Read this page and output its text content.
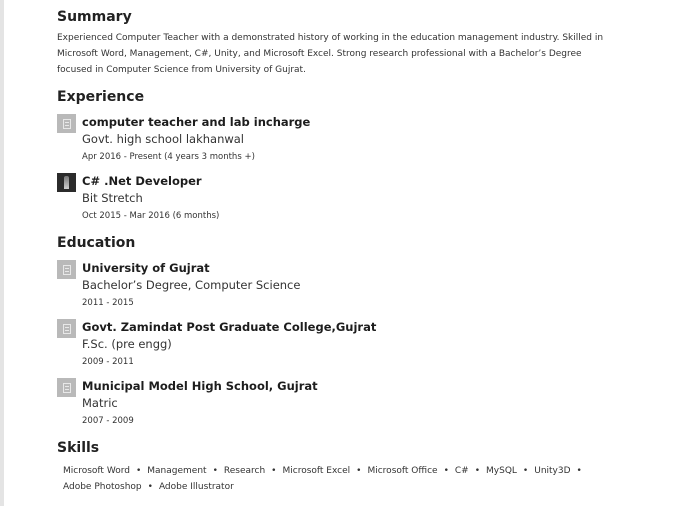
Summary

Experienced Computer Teacher with a demonstrated history of working in the education management industry. Skilled in Microsoft Word, Management, C#, Unity, and Microsoft Excel. Strong research professional with a Bachelor’s Degree focused in Computer Science from University of Gujrat.

Experience
computer teacher and lab incharge
Govt. high school lakhanwal
Apr 2016 - Present (4 years 3 months +)
C# .Net Developer
Bit Stretch
Oct 2015 - Mar 2016 (6 months)
Education
University of Gujrat
Bachelor’s Degree, Computer Science
2011 - 2015
Govt. Zamindat Post Graduate College,Gujrat
F.Sc. (pre engg)
2009 - 2011
Municipal Model High School, Gujrat
Matric
2007 - 2009
Skills
Microsoft Word • Management • Research • Microsoft Excel • Microsoft Office • C# • MySQL • Unity3D •
Adobe Photoshop • Adobe Illustrator
